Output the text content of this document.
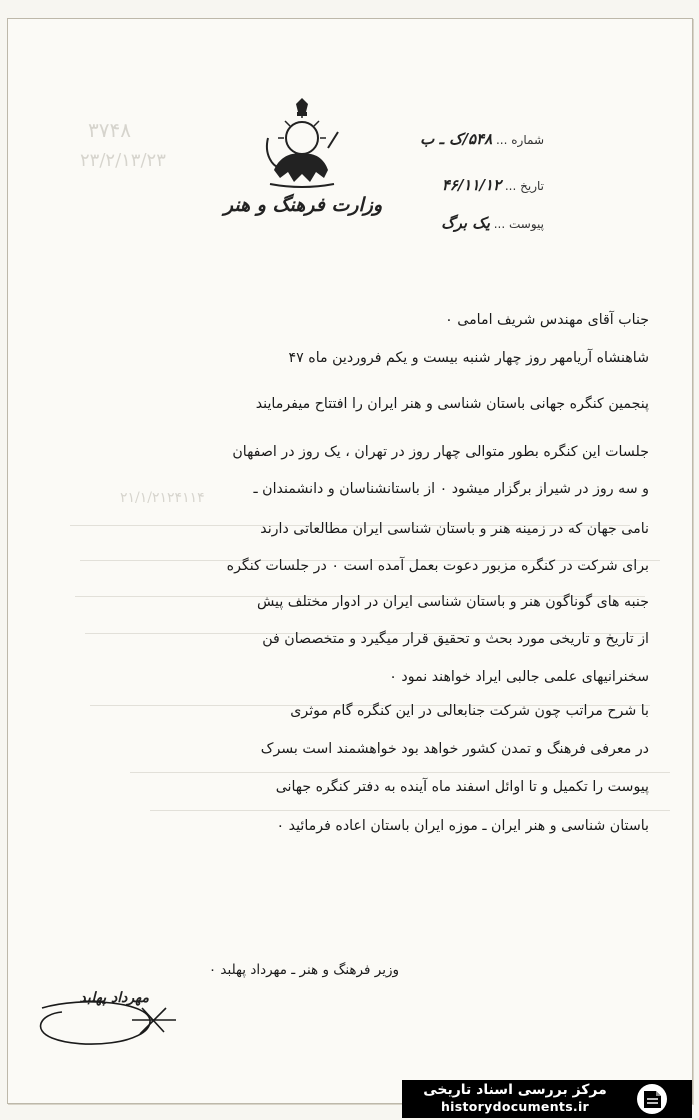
۳۷۴۸
۲۳/۲/۱۳/۲۳
۲۱/۱/۲۱۲۴۱۱۴
وزارت فرهنگ و هنر
شماره ... ۵۴۸/ک ـ ب
تاریخ ... ۴۶/۱۱/۱۲
پیوست ... یک برگ
جناب آقای مهندس شریف امامی ۰
شاهنشاه آریامهر روز چهار شنبه بیست و یکم فروردین ماه ۴۷
پنجمین کنگره جهانی باستان شناسی و هنر ایران را افتتاح میفرمایند
جلسات این کنگره بطور متوالی چهار روز در تهران ، یک روز در اصفهان
و سه روز در شیراز برگزار میشود ۰ از باستانشناسان و دانشمندان ـ
نامی جهان که در زمینه هنر و باستان شناسی ایران مطالعاتی دارند
برای شرکت در کنگره مزبور دعوت بعمل آمده است ۰ در جلسات کنگره
جنبه های گوناگون هنر و باستان شناسی ایران در ادوار مختلف پیش
از تاریخ و تاریخی مورد بحث و تحقیق قرار میگیرد و متخصصان فن
سخنرانیهای علمی جالبی ایراد خواهند نمود ۰
با شرح مراتب چون شرکت جنابعالی در این کنگره گام موثری
در معرفی فرهنگ و تمدن کشور خواهد بود خواهشمند است بسرک
پیوست را تکمیل و تا اوائل اسفند ماه آینده به دفتر کنگره جهانی
باستان شناسی و هنر ایران ـ موزه ایران باستان اعاده فرمائید ۰
وزیر فرهنگ و هنر ـ مهرداد پهلبد ۰
مهرداد پهلبد
مرکز بررسی اسناد تاریخی
historydocuments.ir
